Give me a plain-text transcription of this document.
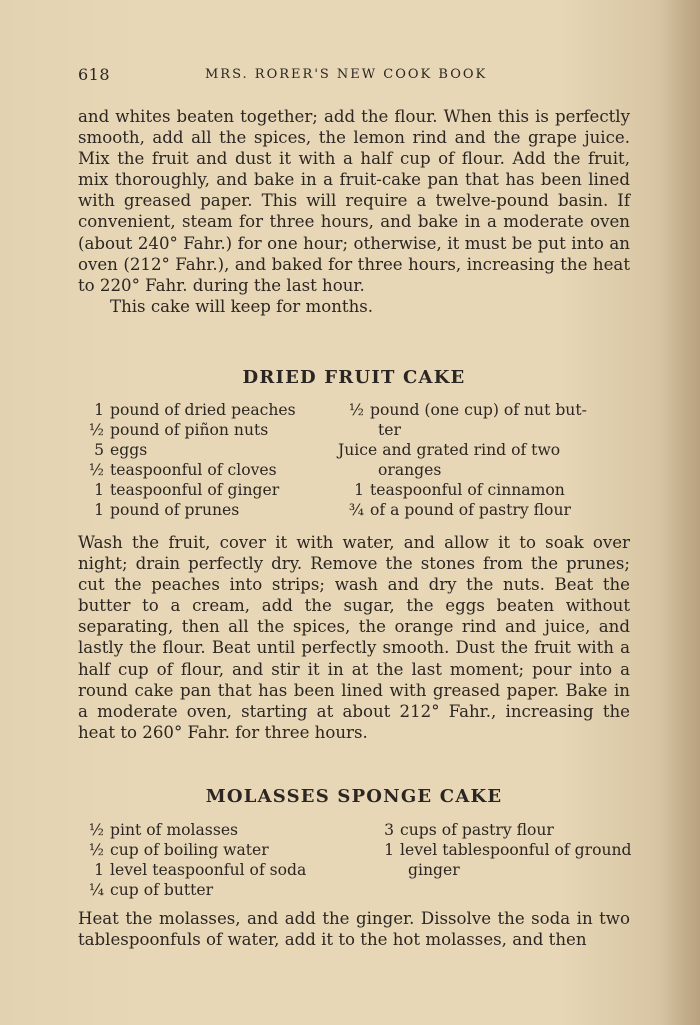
618	MRS. RORER'S NEW COOK BOOK

and whites beaten together; add the flour. When this is perfectly smooth, add all the spices, the lemon rind and the grape juice. Mix the fruit and dust it with a half cup of flour. Add the fruit, mix thoroughly, and bake in a fruit-cake pan that has been lined with greased paper. This will require a twelve-pound basin. If convenient, steam for three hours, and bake in a moderate oven (about 240° Fahr.) for one hour; otherwise, it must be put into an oven (212° Fahr.), and baked for three hours, increasing the heat to 220° Fahr. during the last hour.

This cake will keep for months.

DRIED FRUIT CAKE
1 pound of dried peaches
½ pound of piñon nuts
5 eggs
½ teaspoonful of cloves
1 teaspoonful of ginger
1 pound of prunes
½ pound (one cup) of nut but-
ter
Juice and grated rind of two
oranges
1 teaspoonful of cinnamon
¾ of a pound of pastry flour

Wash the fruit, cover it with water, and allow it to soak over night; drain perfectly dry. Remove the stones from the prunes; cut the peaches into strips; wash and dry the nuts. Beat the butter to a cream, add the sugar, the eggs beaten without separating, then all the spices, the orange rind and juice, and lastly the flour. Beat until perfectly smooth. Dust the fruit with a half cup of flour, and stir it in at the last moment; pour into a round cake pan that has been lined with greased paper. Bake in a moderate oven, starting at about 212° Fahr., increasing the heat to 260° Fahr. for three hours.

MOLASSES SPONGE CAKE
½ pint of molasses
½ cup of boiling water
1 level teaspoonful of soda
¼ cup of butter
3 cups of pastry flour
1 level tablespoonful of ground
ginger

Heat the molasses, and add the ginger. Dissolve the soda in two tablespoonfuls of water, add it to the hot molasses, and then
